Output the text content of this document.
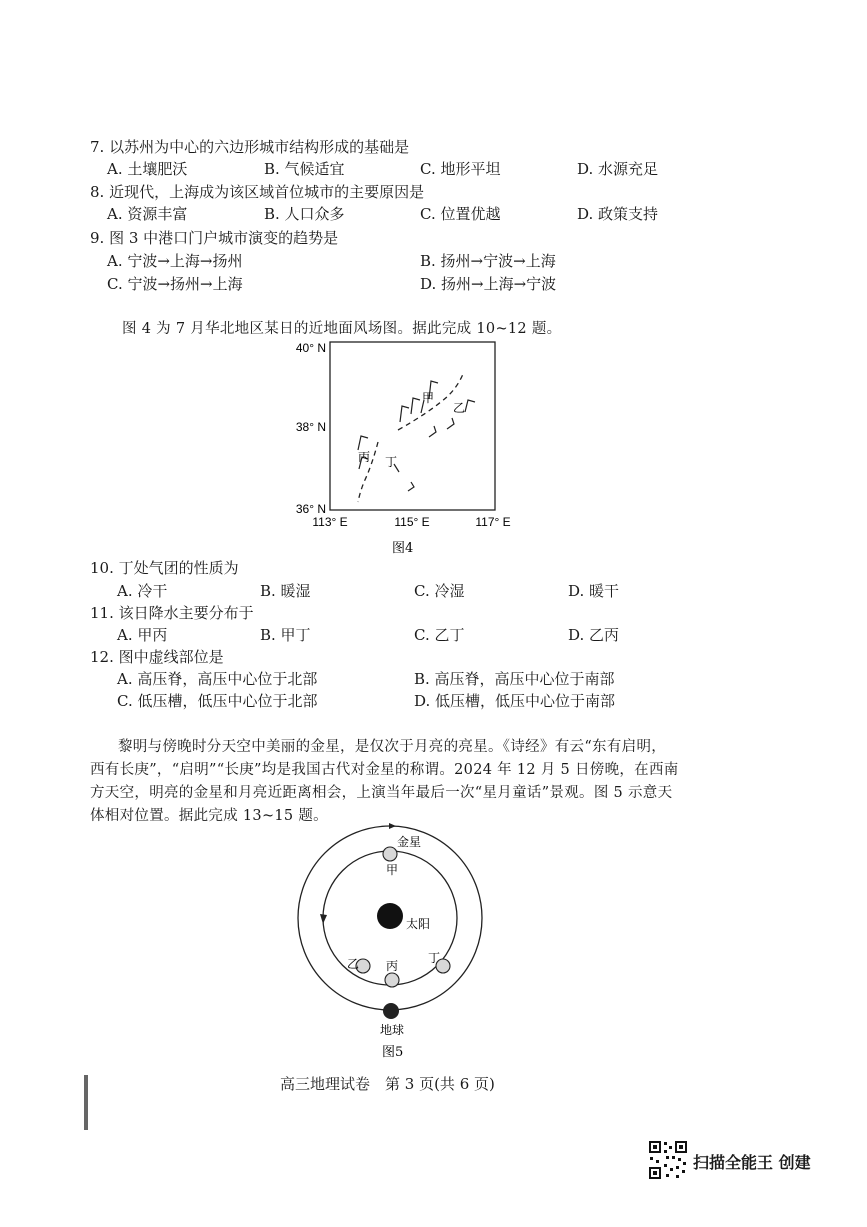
7. 以苏州为中心的六边形城市结构形成的基础是
A. 土壤肥沃	B. 气候适宜	C. 地形平坦	D. 水源充足
8. 近现代，上海成为该区域首位城市的主要原因是
A. 资源丰富	B. 人口众多	C. 位置优越	D. 政策支持
9. 图 3 中港口门户城市演变的趋势是
A. 宁波→上海→扬州	B. 扬州→宁波→上海
C. 宁波→扬州→上海	D. 扬州→上海→宁波
图 4 为 7 月华北地区某日的近地面风场图。据此完成 10~12 题。
40° N
38° N
36° N
113° E	115° E	117° E
甲
乙
丙 丁
图4
10. 丁处气团的性质为
A. 冷干	B. 暖湿	C. 冷湿	D. 暖干
11. 该日降水主要分布于
A. 甲丙	B. 甲丁	C. 乙丁	D. 乙丙
12. 图中虚线部位是
A. 高压脊，高压中心位于北部	B. 高压脊，高压中心位于南部
C. 低压槽，低压中心位于北部	D. 低压槽，低压中心位于南部
黎明与傍晚时分天空中美丽的金星，是仅次于月亮的亮星。《诗经》有云“东有启明，
西有长庚”，“启明”“长庚”均是我国古代对金星的称谓。2024 年 12 月 5 日傍晚，在西南
方天空，明亮的金星和月亮近距离相会，上演当年最后一次“星月童话”景观。图 5 示意天
体相对位置。据此完成 13~15 题。
太阳
金星
甲
乙 丙
丁
地球
图5
高三地理试卷　第 3 页(共 6 页)
扫描全能王 创建
